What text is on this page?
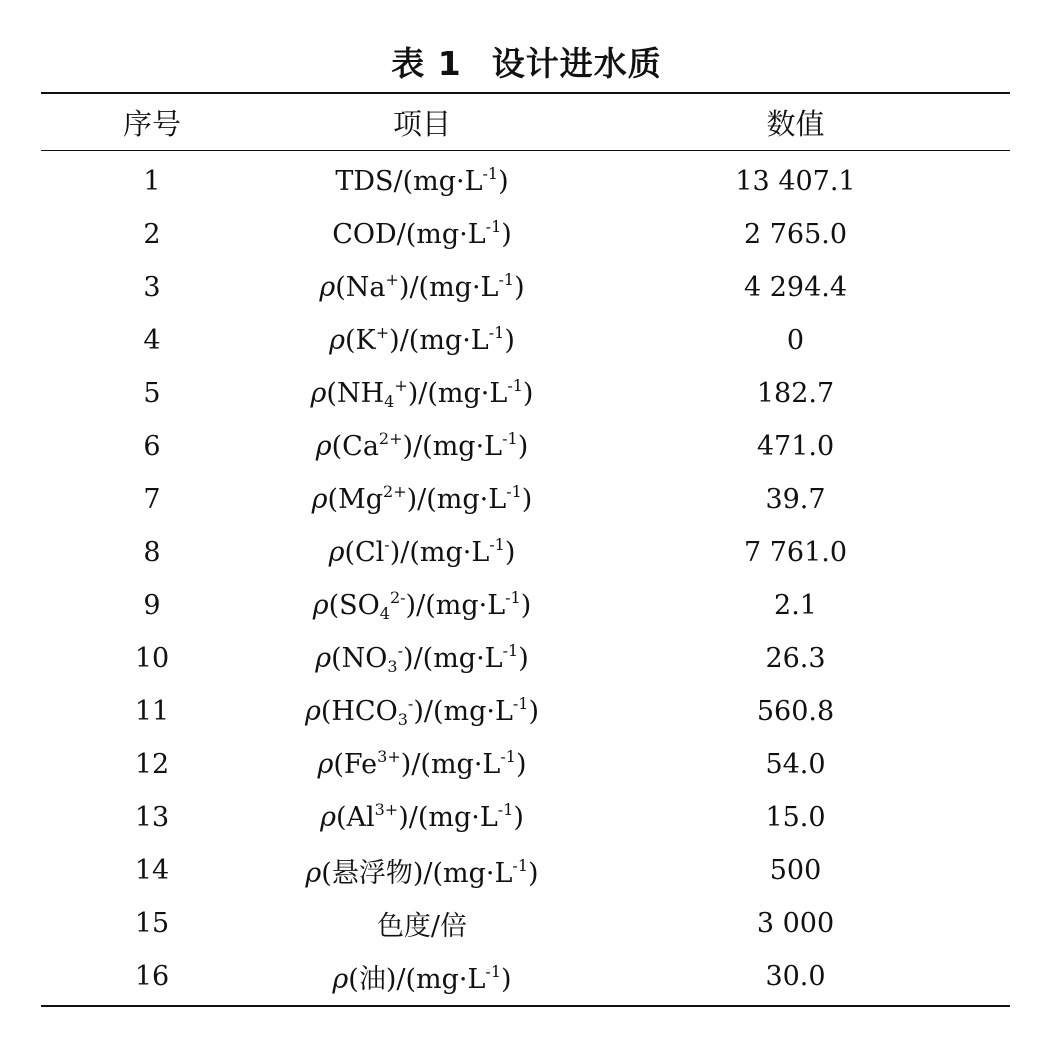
表 1 设计进水质
序号	项目	数值
1	TDS/$(mg\cdot L^{-1})$	13 407.1
2	COD/$(mg\cdot L^{-1})$	2 765.0
3	$\rho(Na^+)/(mg\cdot L^{-1})$	4 294.4
4	$\rho(K^+)/(mg\cdot L^{-1})$	0
5	$\rho(NH_4^+)/(mg\cdot L^{-1})$	182.7
6	$\rho(Ca^{2+})/(mg\cdot L^{-1})$	471.0
7	$\rho(Mg^{2+})/(mg\cdot L^{-1})$	39.7
8	$\rho(Cl^-)/(mg\cdot L^{-1})$	7 761.0
9	$\rho(SO_4^{2-})/(mg\cdot L^{-1})$	2.1
10	$\rho(NO_3^-)/(mg\cdot L^{-1})$	26.3
11	$\rho(HCO_3^-)/(mg\cdot L^{-1})$	560.8
12	$\rho(Fe^{3+})/(mg\cdot L^{-1})$	54.0
13	$\rho(Al^{3+})/(mg\cdot L^{-1})$	15.0
14	ρ(悬浮物)$/(mg\cdot L^{-1})$	500
15	色度/倍	3 000
16	ρ(油)$/(mg\cdot L^{-1})$	30.0
